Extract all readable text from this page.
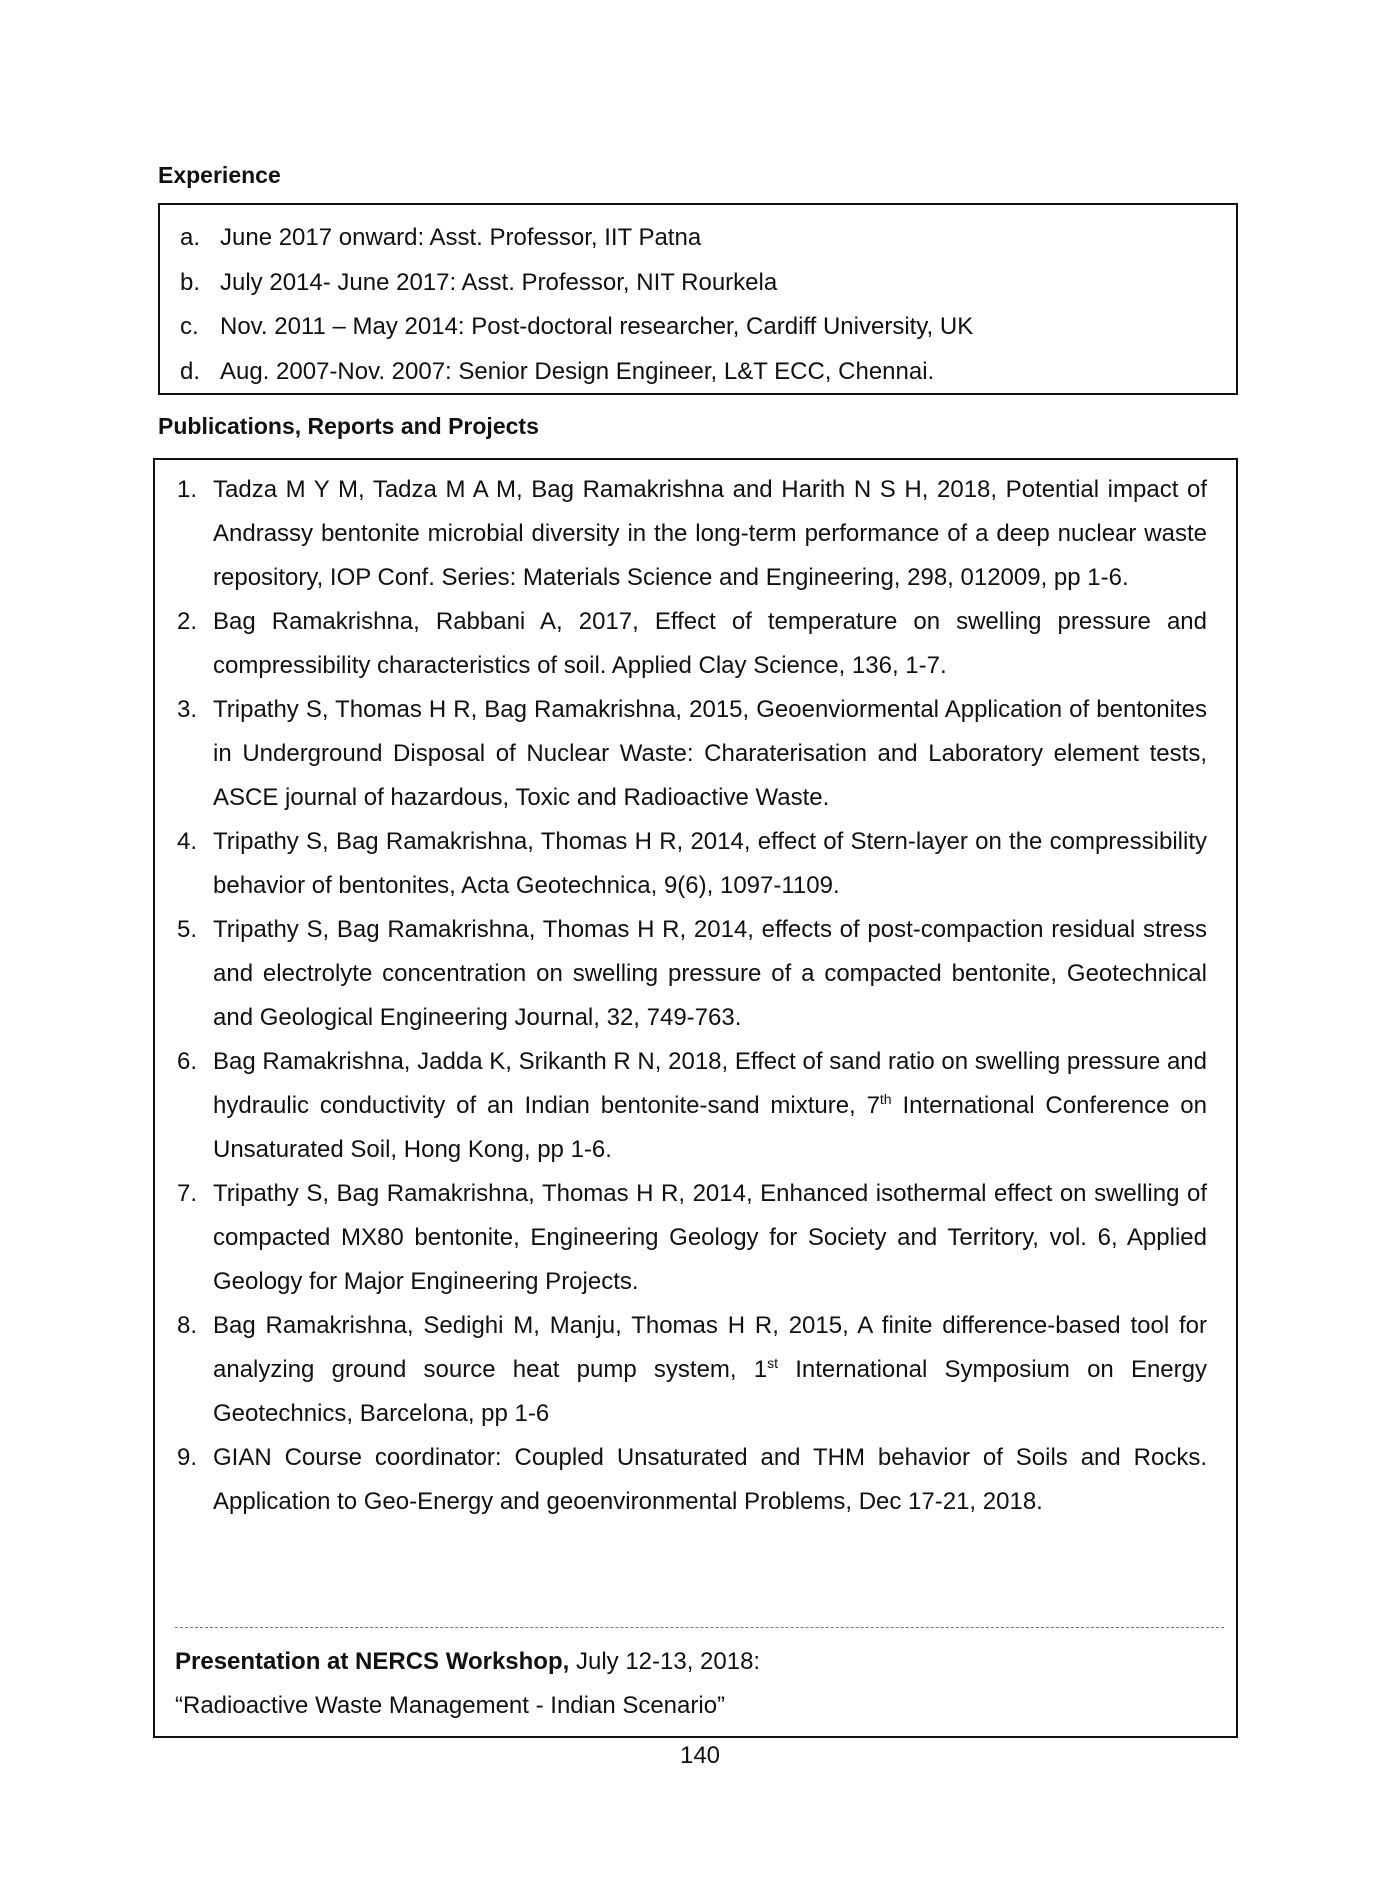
Experience
a. June 2017 onward: Asst. Professor, IIT Patna
b. July 2014- June 2017: Asst. Professor, NIT Rourkela
c. Nov. 2011 – May 2014: Post-doctoral researcher, Cardiff University, UK
d. Aug. 2007-Nov. 2007: Senior Design Engineer, L&T ECC, Chennai.
Publications, Reports and Projects
1. Tadza M Y M, Tadza M A M, Bag Ramakrishna and Harith N S H, 2018, Potential impact of Andrassy bentonite microbial diversity in the long-term performance of a deep nuclear waste repository, IOP Conf. Series: Materials Science and Engineering, 298, 012009, pp 1-6.
2. Bag Ramakrishna, Rabbani A, 2017, Effect of temperature on swelling pressure and compressibility characteristics of soil. Applied Clay Science, 136, 1-7.
3. Tripathy S, Thomas H R, Bag Ramakrishna, 2015, Geoenviormental Application of bentonites in Underground Disposal of Nuclear Waste: Charaterisation and Laboratory element tests, ASCE journal of hazardous, Toxic and Radioactive Waste.
4. Tripathy S, Bag Ramakrishna, Thomas H R, 2014, effect of Stern-layer on the compressibility behavior of bentonites, Acta Geotechnica, 9(6), 1097-1109.
5. Tripathy S, Bag Ramakrishna, Thomas H R, 2014, effects of post-compaction residual stress and electrolyte concentration on swelling pressure of a compacted bentonite, Geotechnical and Geological Engineering Journal, 32, 749-763.
6. Bag Ramakrishna, Jadda K, Srikanth R N, 2018, Effect of sand ratio on swelling pressure and hydraulic conductivity of an Indian bentonite-sand mixture, 7th International Conference on Unsaturated Soil, Hong Kong, pp 1-6.
7. Tripathy S, Bag Ramakrishna, Thomas H R, 2014, Enhanced isothermal effect on swelling of compacted MX80 bentonite, Engineering Geology for Society and Territory, vol. 6, Applied Geology for Major Engineering Projects.
8. Bag Ramakrishna, Sedighi M, Manju, Thomas H R, 2015, A finite difference-based tool for analyzing ground source heat pump system, 1st International Symposium on Energy Geotechnics, Barcelona, pp 1-6
9. GIAN Course coordinator: Coupled Unsaturated and THM behavior of Soils and Rocks. Application to Geo-Energy and geoenvironmental Problems, Dec 17-21, 2018.
Presentation at NERCS Workshop, July 12-13, 2018:
“Radioactive Waste Management - Indian Scenario”
140
